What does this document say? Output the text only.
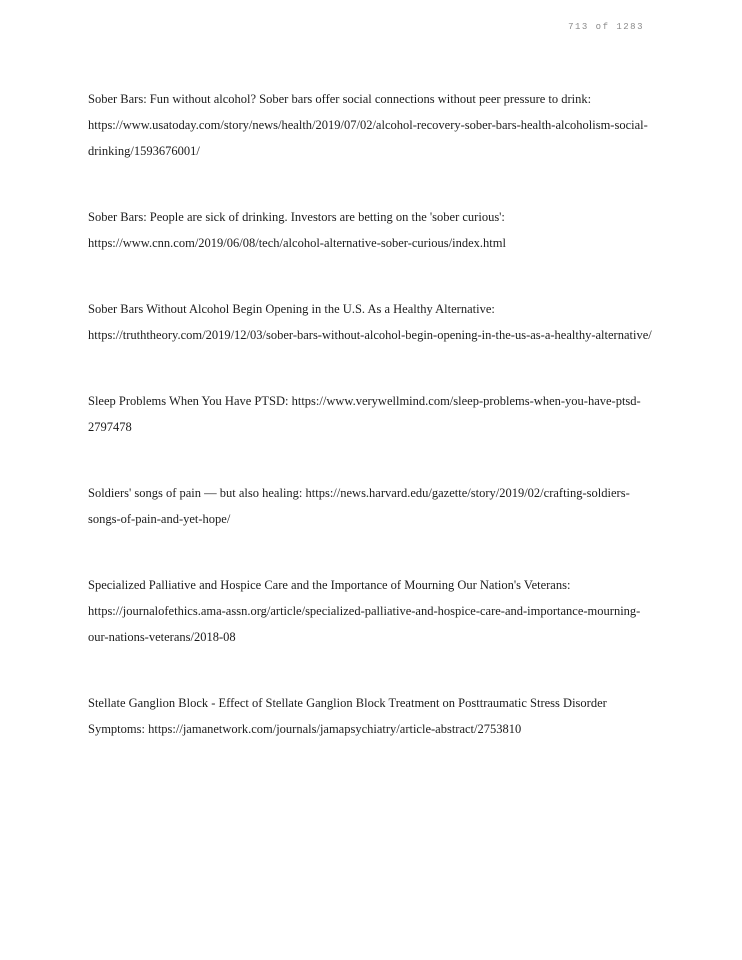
713 of 1283

Sober Bars: Fun without alcohol? Sober bars offer social connections without peer pressure to drink: https://www.usatoday.com/story/news/health/2019/07/02/alcohol-recovery-sober-bars-health-alcoholism-social-drinking/1593676001/

Sober Bars: People are sick of drinking. Investors are betting on the 'sober curious': https://www.cnn.com/2019/06/08/tech/alcohol-alternative-sober-curious/index.html

Sober Bars Without Alcohol Begin Opening in the U.S. As a Healthy Alternative: https://truththeory.com/2019/12/03/sober-bars-without-alcohol-begin-opening-in-the-us-as-a-healthy-alternative/

Sleep Problems When You Have PTSD: https://www.verywellmind.com/sleep-problems-when-you-have-ptsd-2797478

Soldiers' songs of pain — but also healing: https://news.harvard.edu/gazette/story/2019/02/crafting-soldiers-songs-of-pain-and-yet-hope/

Specialized Palliative and Hospice Care and the Importance of Mourning Our Nation's Veterans: https://journalofethics.ama-assn.org/article/specialized-palliative-and-hospice-care-and-importance-mourning-our-nations-veterans/2018-08

Stellate Ganglion Block - Effect of Stellate Ganglion Block Treatment on Posttraumatic Stress Disorder Symptoms: https://jamanetwork.com/journals/jamapsychiatry/article-abstract/2753810
